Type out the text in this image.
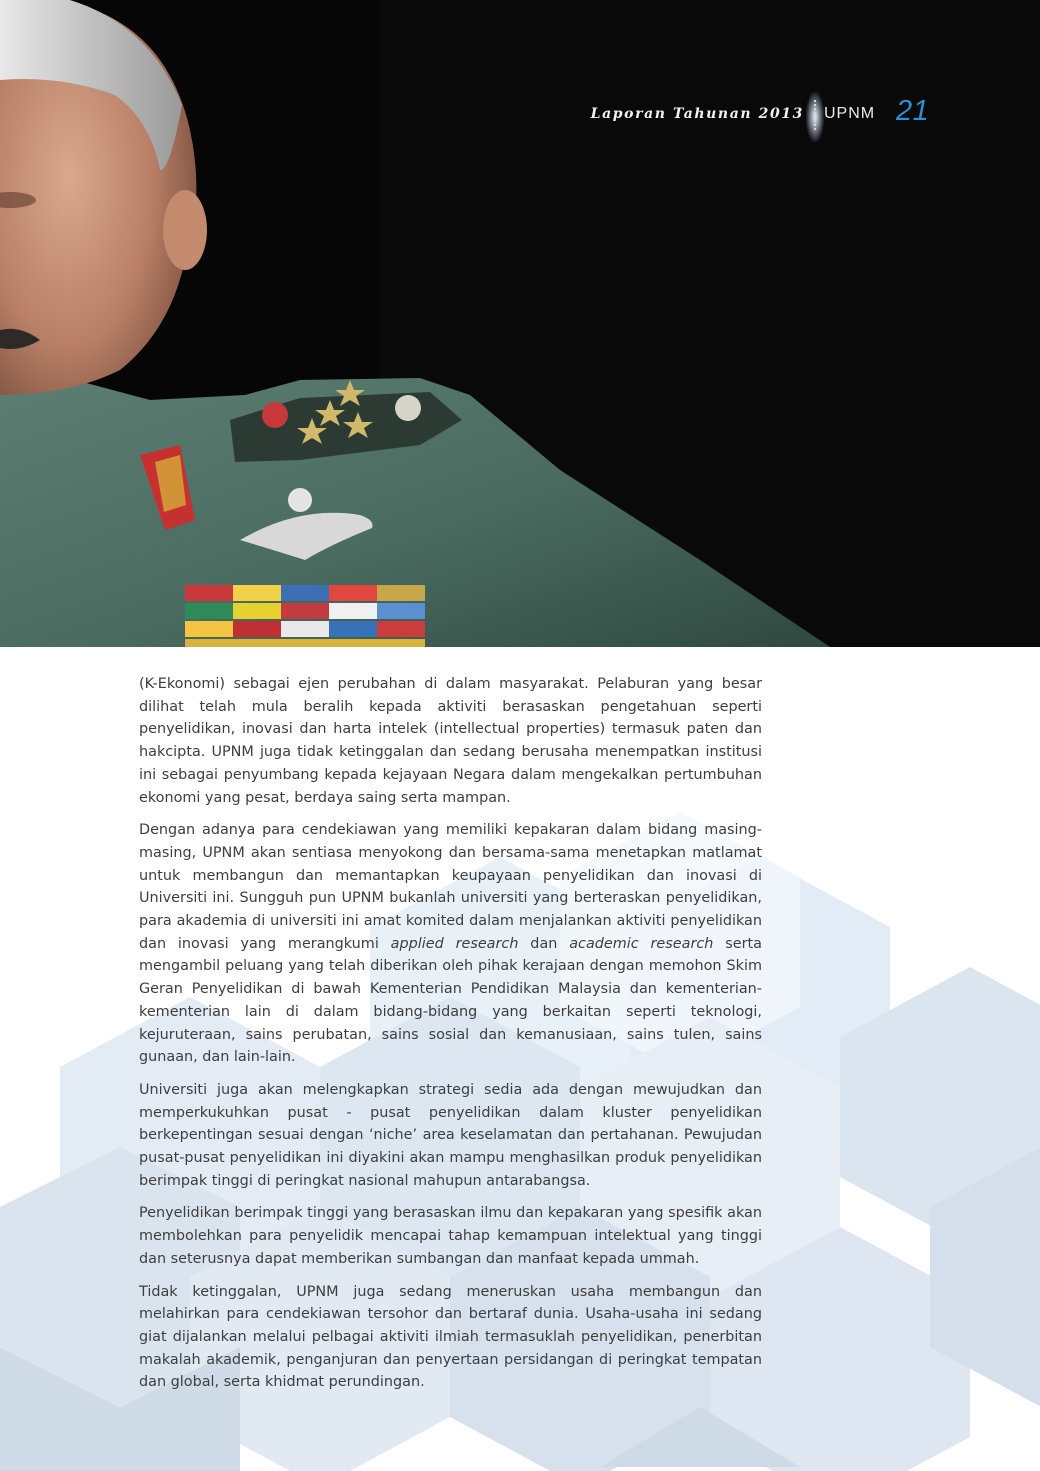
Laporan Tahunan 2013 UPNM 21

(K-Ekonomi) sebagai ejen perubahan di dalam masyarakat. Pelaburan yang besar dilihat telah mula beralih kepada aktiviti berasaskan pengetahuan seperti penyelidikan, inovasi dan harta intelek (intellectual properties) termasuk paten dan hakcipta. UPNM juga tidak ketinggalan dan sedang berusaha menempatkan institusi ini sebagai penyumbang kepada kejayaan Negara dalam mengekalkan pertumbuhan ekonomi yang pesat, berdaya saing serta mampan.

Dengan adanya para cendekiawan yang memiliki kepakaran dalam bidang masing-masing, UPNM akan sentiasa menyokong dan bersama-sama menetapkan matlamat untuk membangun dan memantapkan keupayaan penyelidikan dan inovasi di Universiti ini. Sungguh pun UPNM bukanlah universiti yang berteraskan penyelidikan, para akademia di universiti ini amat komited dalam menjalankan aktiviti penyelidikan dan inovasi yang merangkumi applied research dan academic research serta mengambil peluang yang telah diberikan oleh pihak kerajaan dengan memohon Skim Geran Penyelidikan di bawah Kementerian Pendidikan Malaysia dan kementerian-kementerian lain di dalam bidang-bidang yang berkaitan seperti teknologi, kejuruteraan, sains perubatan, sains sosial dan kemanusiaan, sains tulen, sains gunaan, dan lain-lain.

Universiti juga akan melengkapkan strategi sedia ada dengan mewujudkan dan memperkukuhkan pusat - pusat penyelidikan dalam kluster penyelidikan berkepentingan sesuai dengan ‘niche’ area keselamatan dan pertahanan. Pewujudan pusat-pusat penyelidikan ini diyakini akan mampu menghasilkan produk penyelidikan berimpak tinggi di peringkat nasional mahupun antarabangsa.

Penyelidikan berimpak tinggi yang berasaskan ilmu dan kepakaran yang spesifik akan membolehkan para penyelidik mencapai tahap kemampuan intelektual yang tinggi dan seterusnya dapat memberikan sumbangan dan manfaat kepada ummah.

Tidak ketinggalan, UPNM juga sedang meneruskan usaha membangun dan melahirkan para cendekiawan tersohor dan bertaraf dunia. Usaha-usaha ini sedang giat dijalankan melalui pelbagai aktiviti ilmiah termasuklah penyelidikan, penerbitan makalah akademik, penganjuran dan penyertaan persidangan di peringkat tempatan dan global, serta khidmat perundingan.
